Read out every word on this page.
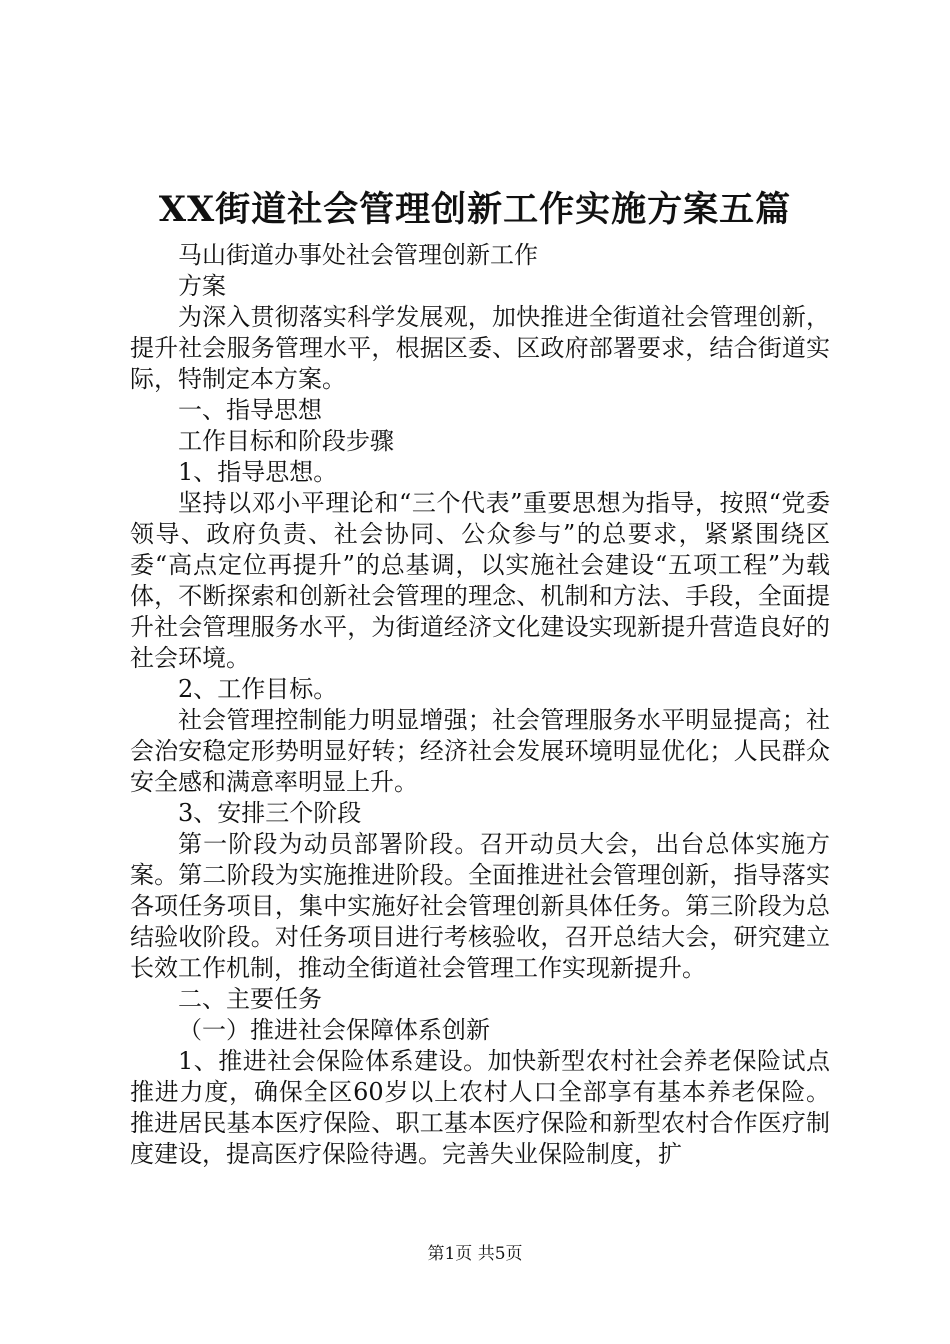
XX街道社会管理创新工作实施方案五篇

马山街道办事处社会管理创新工作

方案

为深入贯彻落实科学发展观，加快推进全街道社会管理创新，提升社会服务管理水平，根据区委、区政府部署要求，结合街道实际，特制定本方案。

一、指导思想

工作目标和阶段步骤

1、指导思想。

坚持以邓小平理论和“三个代表”重要思想为指导，按照“党委领导、政府负责、社会协同、公众参与”的总要求，紧紧围绕区委“高点定位再提升”的总基调，以实施社会建设“五项工程”为载体，不断探索和创新社会管理的理念、机制和方法、手段，全面提升社会管理服务水平，为街道经济文化建设实现新提升营造良好的社会环境。

2、工作目标。

社会管理控制能力明显增强；社会管理服务水平明显提高；社会治安稳定形势明显好转；经济社会发展环境明显优化；人民群众安全感和满意率明显上升。

3、安排三个阶段

第一阶段为动员部署阶段。召开动员大会，出台总体实施方案。第二阶段为实施推进阶段。全面推进社会管理创新，指导落实各项任务项目，集中实施好社会管理创新具体任务。第三阶段为总结验收阶段。对任务项目进行考核验收，召开总结大会，研究建立长效工作机制，推动全街道社会管理工作实现新提升。

二、主要任务

（一）推进社会保障体系创新

1、推进社会保险体系建设。加快新型农村社会养老保险试点推进力度，确保全区60岁以上农村人口全部享有基本养老保险。推进居民基本医疗保险、职工基本医疗保险和新型农村合作医疗制度建设，提高医疗保险待遇。完善失业保险制度，扩

第1页 共5页
